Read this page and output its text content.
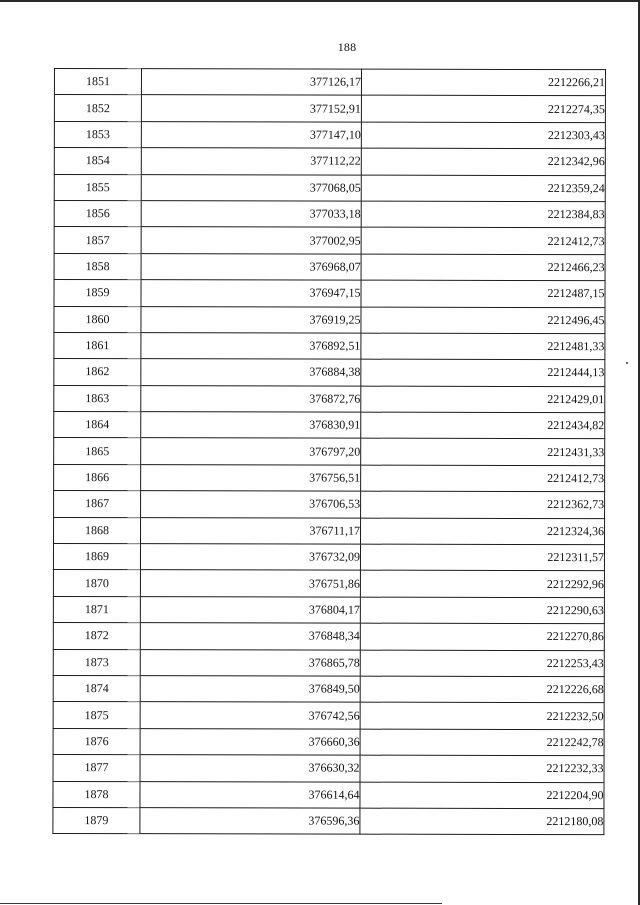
188
1851	377126,17	2212266,21
1852	377152,91	2212274,35
1853	377147,10	2212303,43
1854	377112,22	2212342,96
1855	377068,05	2212359,24
1856	377033,18	2212384,83
1857	377002,95	2212412,73
1858	376968,07	2212466,23
1859	376947,15	2212487,15
1860	376919,25	2212496,45
1861	376892,51	2212481,33
1862	376884,38	2212444,13
1863	376872,76	2212429,01
1864	376830,91	2212434,82
1865	376797,20	2212431,33
1866	376756,51	2212412,73
1867	376706,53	2212362,73
1868	376711,17	2212324,36
1869	376732,09	2212311,57
1870	376751,86	2212292,96
1871	376804,17	2212290,63
1872	376848,34	2212270,86
1873	376865,78	2212253,43
1874	376849,50	2212226,68
1875	376742,56	2212232,50
1876	376660,36	2212242,78
1877	376630,32	2212232,33
1878	376614,64	2212204,90
1879	376596,36	2212180,08
